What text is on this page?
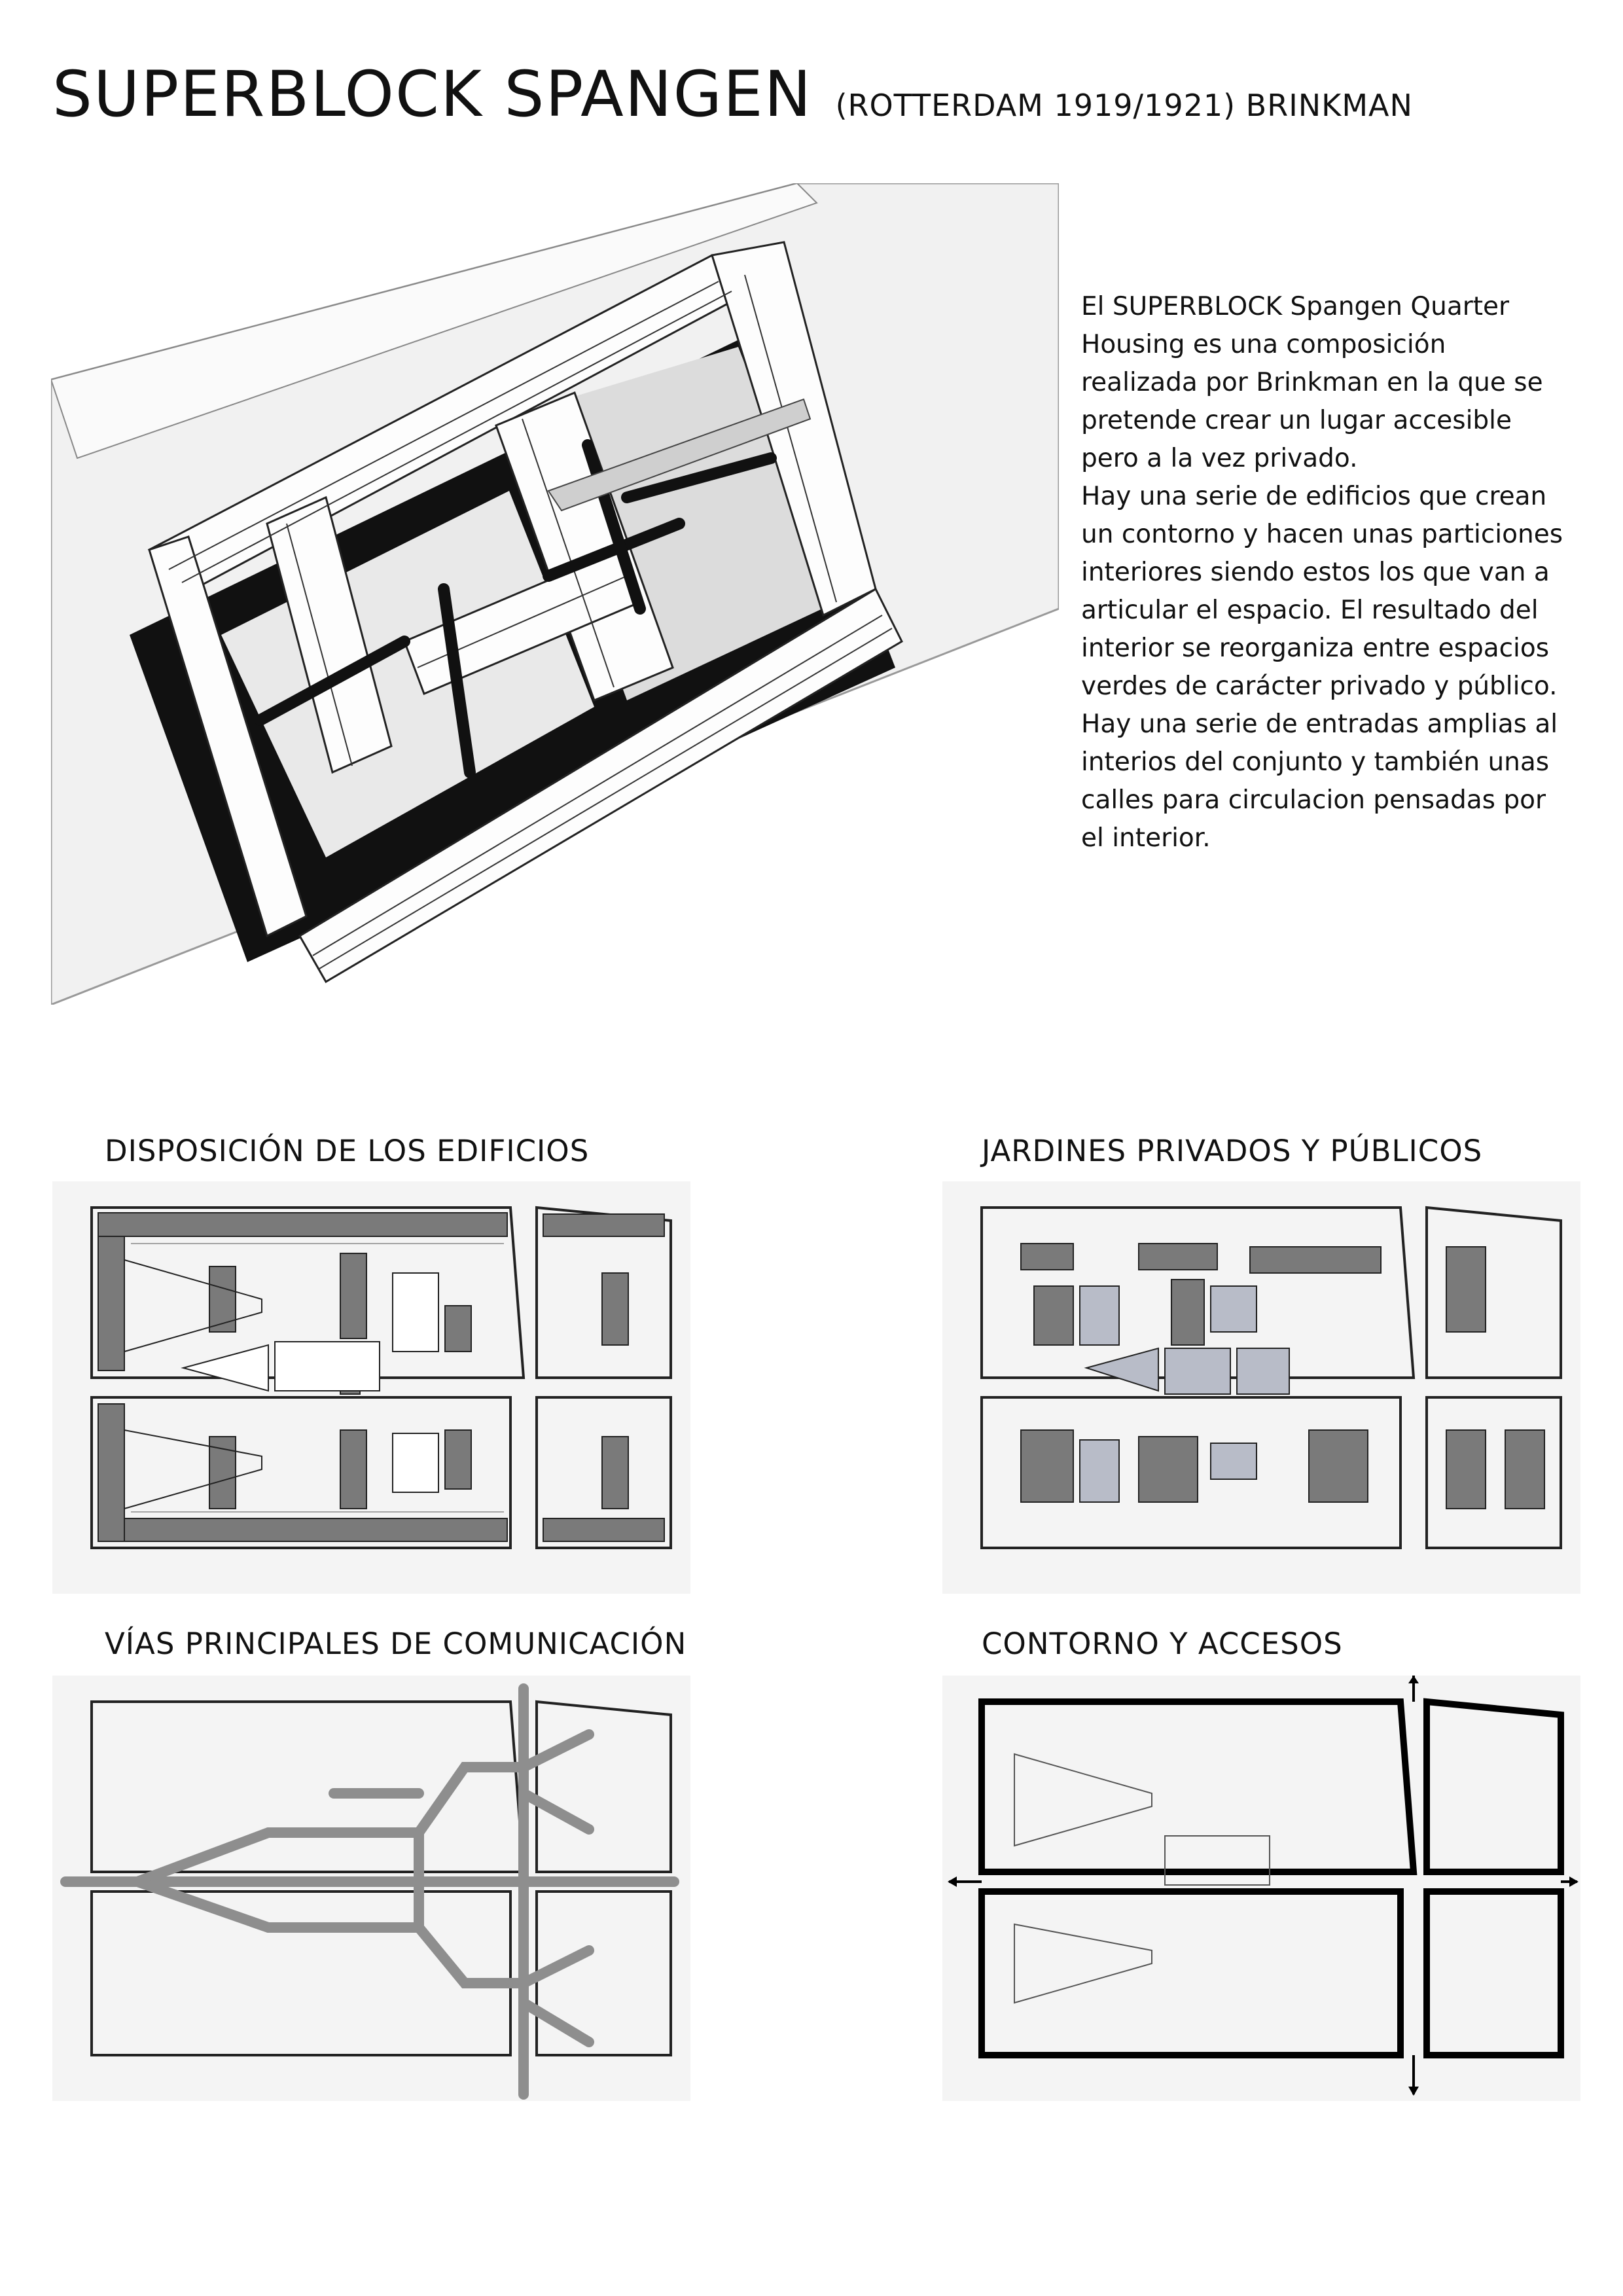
SUPERBLOCK SPANGEN (ROTTERDAM 1919/1921) BRINKMAN

El SUPERBLOCK Spangen Quarter Housing es una composición realizada por Brinkman en la que se pretende crear un lugar accesible pero a la vez privado.

Hay una serie de edificios que crean un contorno y hacen unas particiones interiores siendo estos los que van a articular el espacio. El resultado del interior se reorganiza entre espacios verdes de carácter privado y público.

Hay una serie de entradas amplias al interios del conjunto y también unas calles para circulacion pensadas por el interior.

DISPOSICIÓN DE LOS EDIFICIOS	JARDINES PRIVADOS Y PÚBLICOS
VÍAS PRINCIPALES DE COMUNICACIÓN	CONTORNO Y ACCESOS
